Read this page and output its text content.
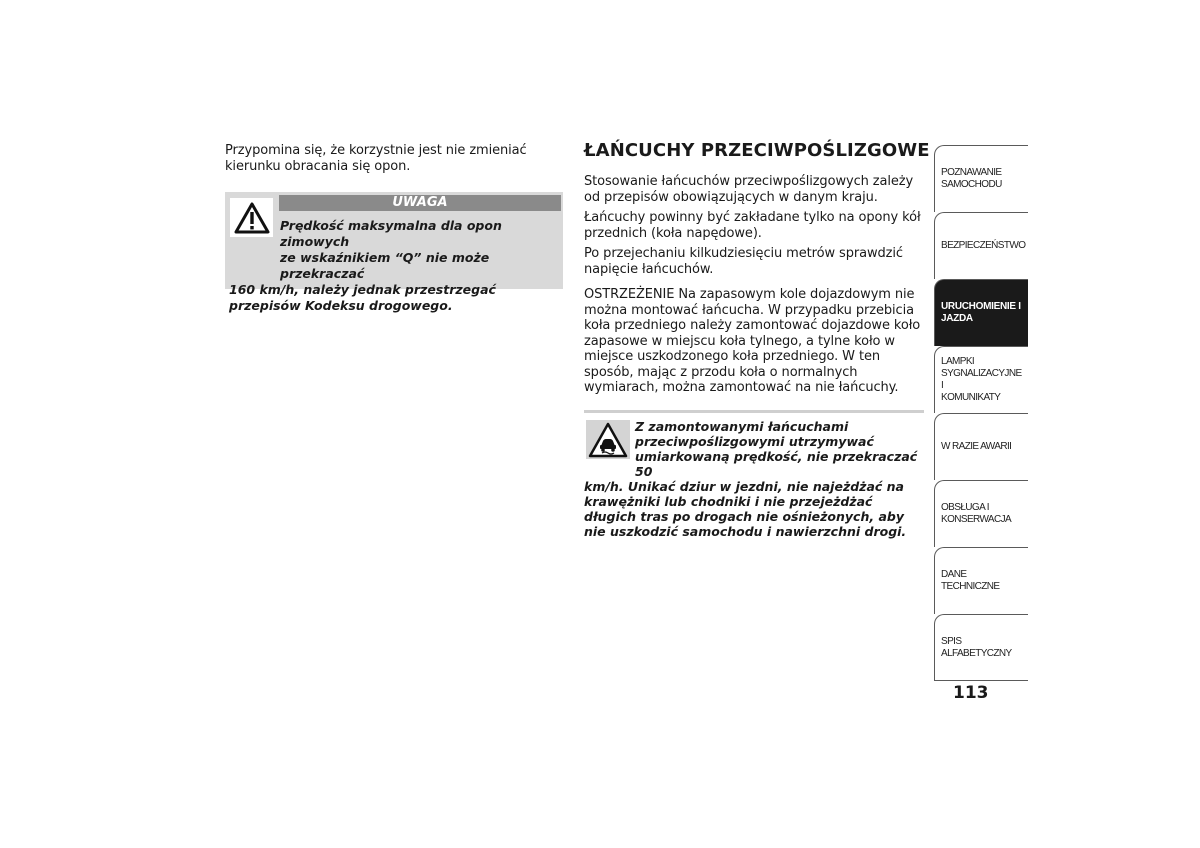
Przypomina się, że korzystnie jest nie zmieniać kierunku obracania się opon.

UWAGA
Prędkość maksymalna dla opon zimowych
ze wskaźnikiem “Q” nie może przekraczać
160 km/h, należy jednak przestrzegać przepisów Kodeksu drogowego.
ŁAŃCUCHY PRZECIWPOŚLIZGOWE

Stosowanie łańcuchów przeciwpoślizgowych zależy od przepisów obowiązujących w danym kraju.

Łańcuchy powinny być zakładane tylko na opony kół przednich (koła napędowe).

Po przejechaniu kilkudziesięciu metrów sprawdzić napięcie łańcuchów.

OSTRZEŻENIE Na zapasowym kole dojazdowym nie można montować łańcucha. W przypadku przebicia koła przedniego należy zamontować dojazdowe koło zapasowe w miejscu koła tylnego, a tylne koło w miejsce uszkodzonego koła przedniego. W ten sposób, mając z przodu koła o normalnych wymiarach, można zamontować na nie łańcuchy.

Z zamontowanymi łańcuchami
przeciwpoślizgowymi utrzymywać
umiarkowaną prędkość, nie przekraczać 50
km/h. Unikać dziur w jezdni, nie najeżdżać na krawężniki lub chodniki i nie przejeżdżać długich tras po drogach nie ośnieżonych, aby nie uszkodzić samochodu i nawierzchni drogi.
POZNAWANIE
SAMOCHODU
BEZPIECZEŃSTWO
URUCHOMIENIE I
JAZDA
LAMPKI
SYGNALIZACYJNE I
KOMUNIKATY
W RAZIE AWARII
OBSŁUGA I
KONSERWACJA
DANE TECHNICZNE
SPIS ALFABETYCZNY
113
